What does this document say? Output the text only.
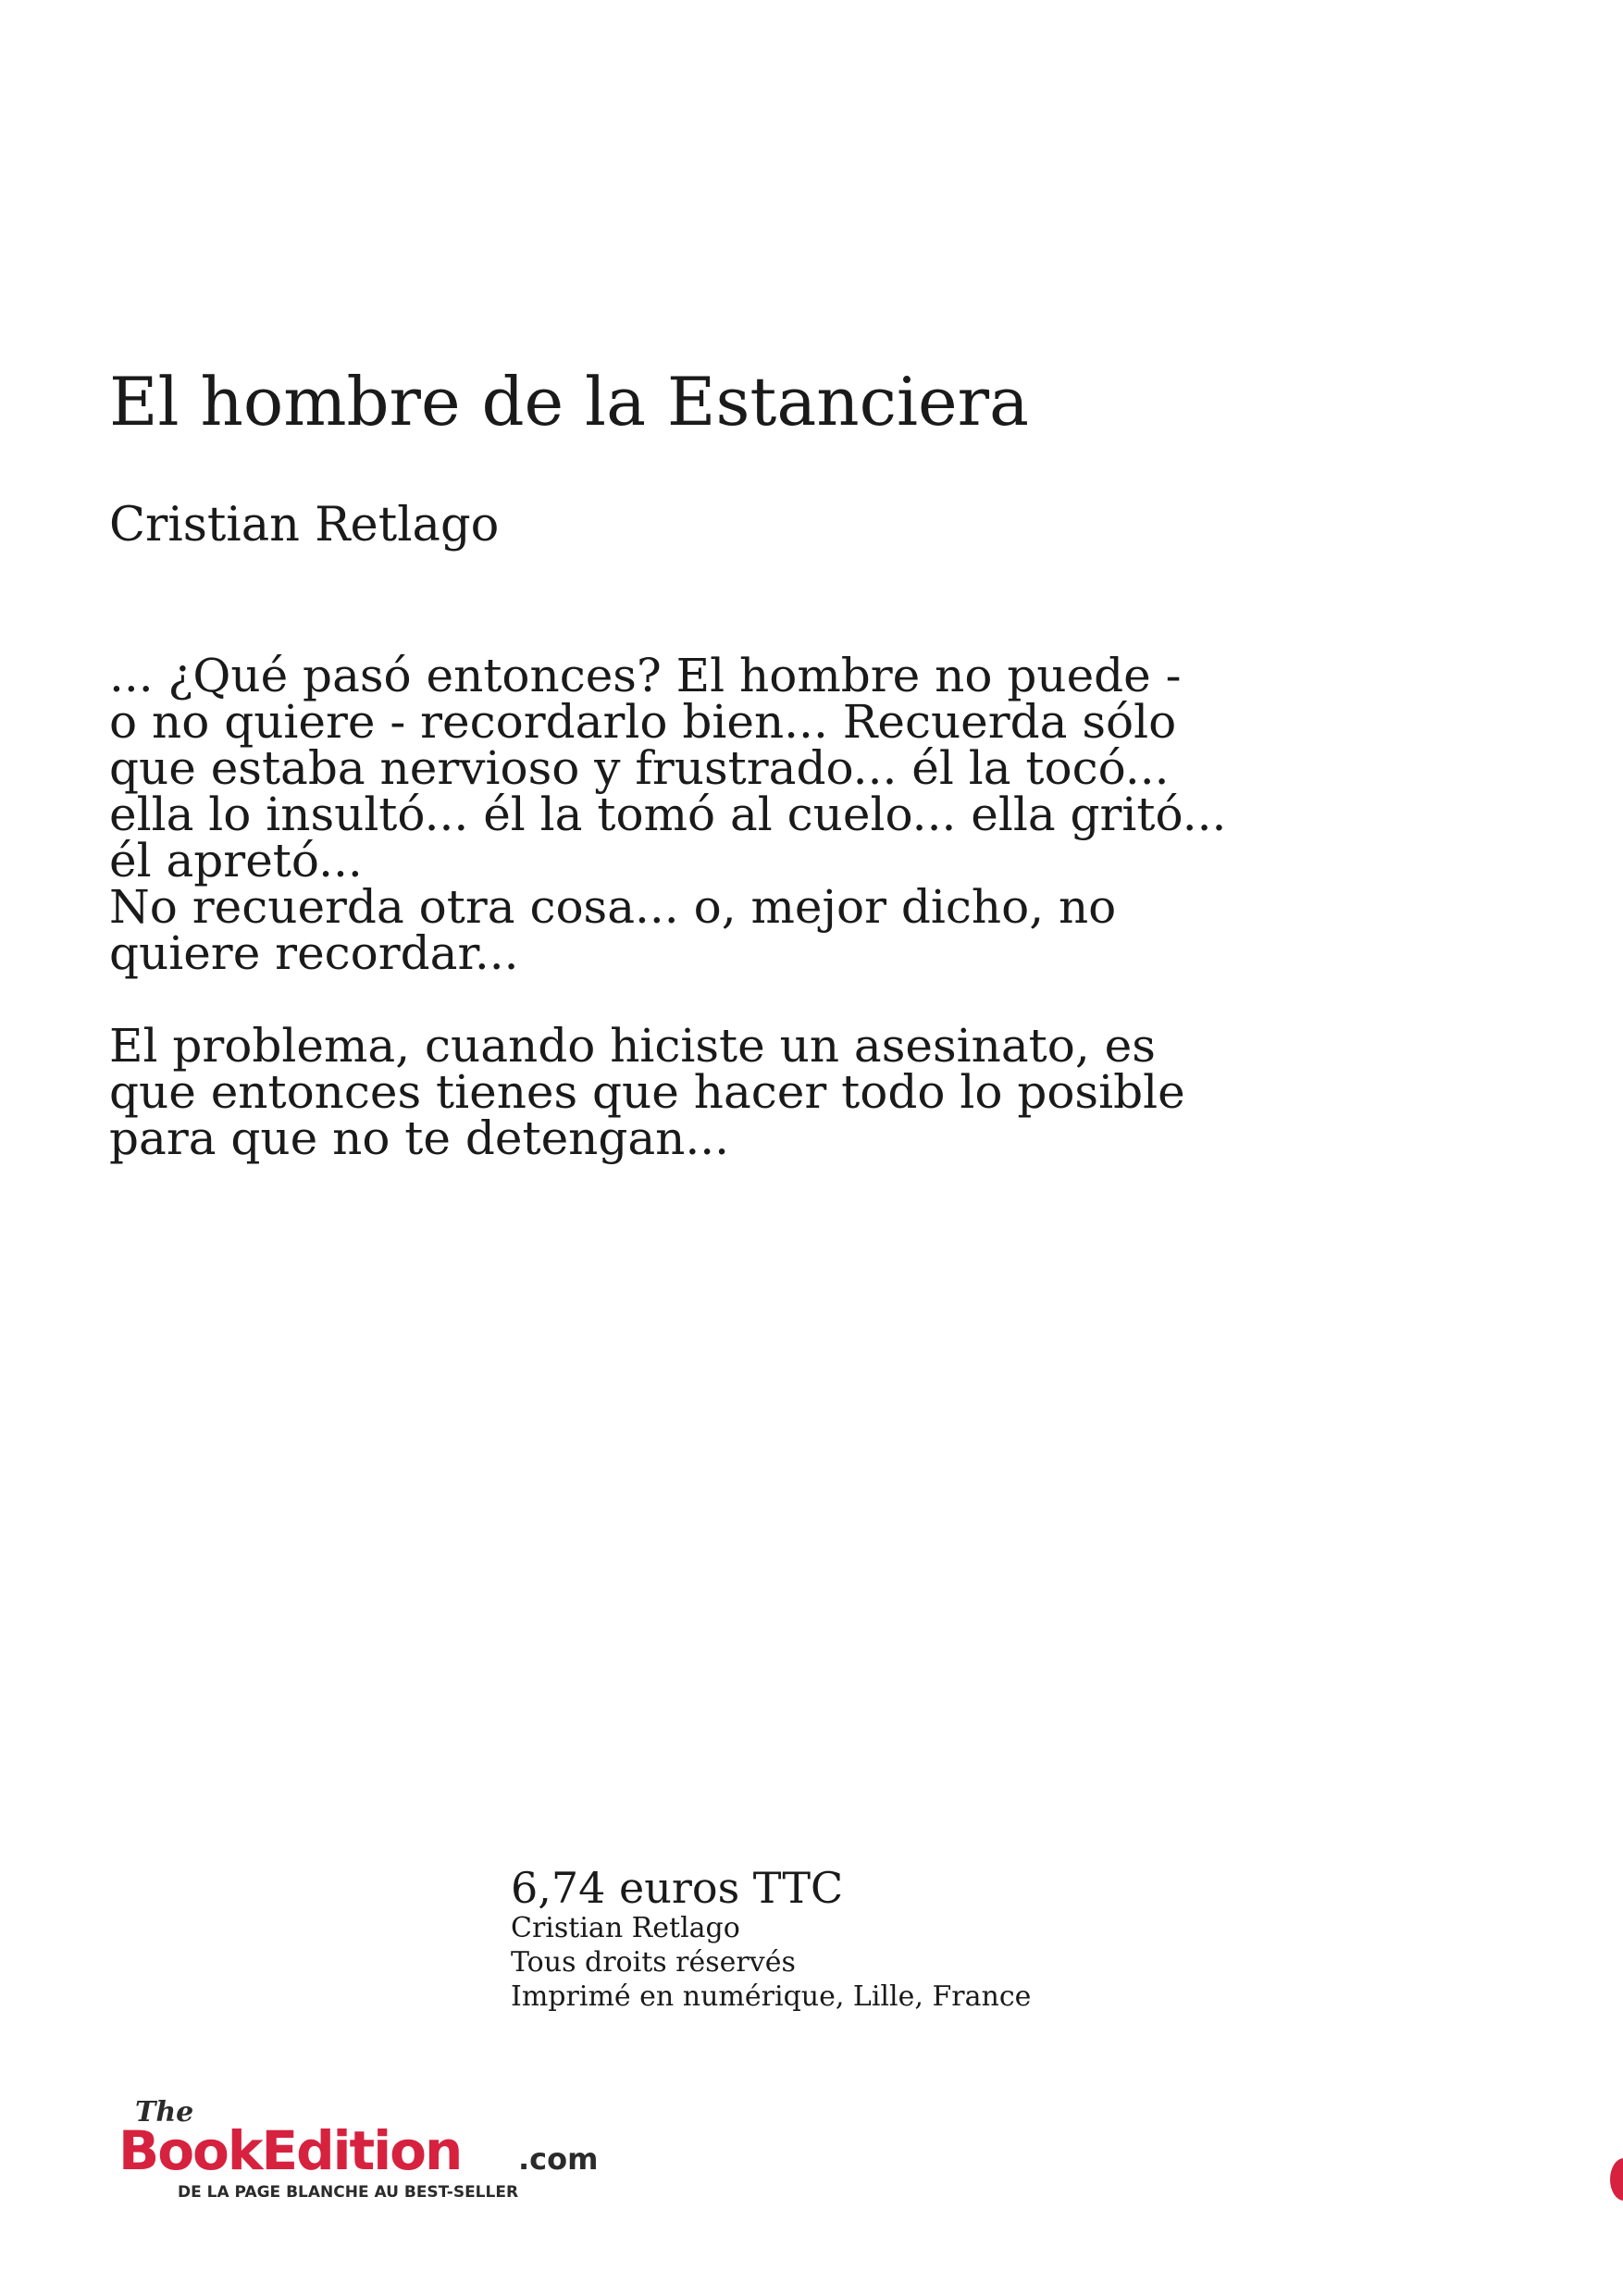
El hombre de la Estanciera

Cristian Retlago

... ¿Qué pasó entonces? El hombre no puede -
o no quiere - recordarlo bien... Recuerda sólo
que estaba nervioso y frustrado... él la tocó...
ella lo insultó... él la tomó al cuelo... ella gritó...
él apretó...
No recuerda otra cosa... o, mejor dicho, no
quiere recordar...

El problema, cuando hiciste un asesinato, es
que entonces tienes que hacer todo lo posible
para que no te detengan...

6,74 euros TTC

Cristian Retlago

Tous droits réservés

Imprimé en numérique, Lille, France

The
BookEdition .com
DE LA PAGE BLANCHE AU BEST-SELLER
